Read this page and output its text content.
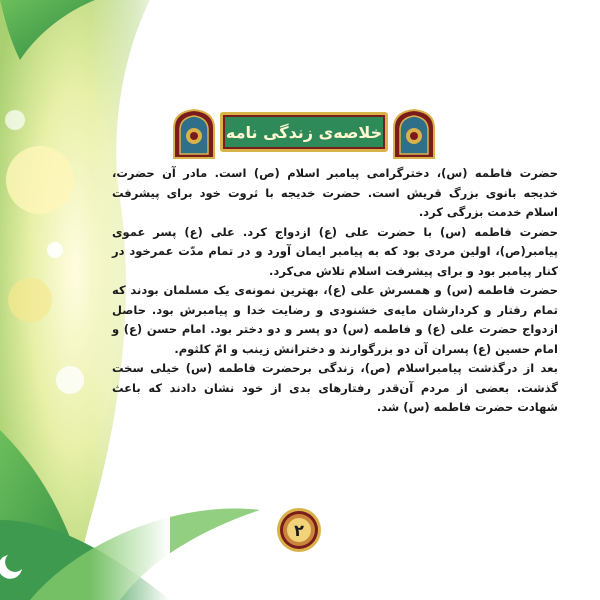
خلاصه‌ی زندگی نامه

حضرت فاطمه (س)، دخترگرامی پیامبر اسلام (ص) است. مادر آن حضرت، خدیجه بانوی بزرگ قریش است. حضرت خدیجه با ثروت خود برای پیشرفت اسلام خدمت بزرگی کرد.

حضرت فاطمه (س) با حضرت علی (ع) ازدواج کرد. علی (ع) پسر عموی پیامبر(ص)، اولین مردی بود که به پیامبر ایمان آورد و در تمام مدّت عمرخود در کنار پیامبر بود و برای پیشرفت اسلام تلاش می‌کرد.

حضرت فاطمه (س) و همسرش علی (ع)، بهترین نمونه‌ی یک مسلمان بودند که تمام رفتار و کردارشان مایه‌ی خشنودی و رضایت خدا و پیامبرش بود. حاصل ازدواج حضرت علی (ع) و فاطمه (س) دو پسر و دو دختر بود. امام حسن (ع) و امام حسین (ع) پسران آن دو بزرگوارند و دخترانش زینب و امّ کلثوم.

بعد از درگذشت پیامبراسلام (ص)، زندگی برحضرت فاطمه (س) خیلی سخت گذشت. بعضی از مردم آن‌قدر رفتارهای بدی از خود نشان دادند که باعث شهادت حضرت فاطمه (س) شد.

۲
